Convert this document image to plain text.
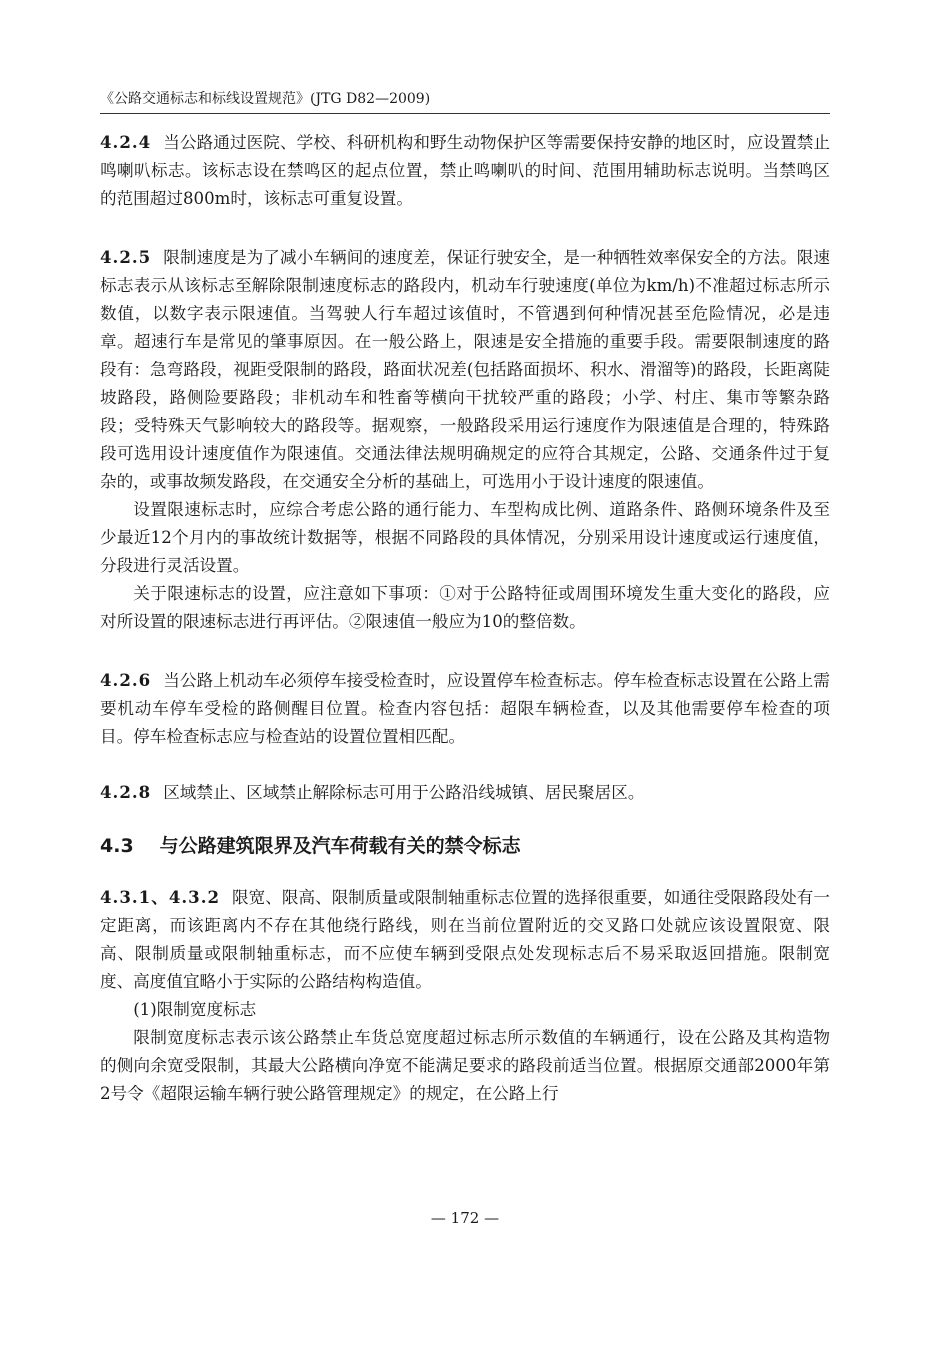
《公路交通标志和标线设置规范》(JTG D82—2009)

4.2.4 当公路通过医院、学校、科研机构和野生动物保护区等需要保持安静的地区时，应设置禁止鸣喇叭标志。该标志设在禁鸣区的起点位置，禁止鸣喇叭的时间、范围用辅助标志说明。当禁鸣区的范围超过800m时，该标志可重复设置。

4.2.5 限制速度是为了减小车辆间的速度差，保证行驶安全，是一种牺牲效率保安全的方法。限速标志表示从该标志至解除限制速度标志的路段内，机动车行驶速度(单位为km/h)不准超过标志所示数值，以数字表示限速值。当驾驶人行车超过该值时，不管遇到何种情况甚至危险情况，必是违章。超速行车是常见的肇事原因。在一般公路上，限速是安全措施的重要手段。需要限制速度的路段有：急弯路段，视距受限制的路段，路面状况差(包括路面损坏、积水、滑溜等)的路段，长距离陡坡路段，路侧险要路段；非机动车和牲畜等横向干扰较严重的路段；小学、村庄、集市等繁杂路段；受特殊天气影响较大的路段等。据观察，一般路段采用运行速度作为限速值是合理的，特殊路段可选用设计速度值作为限速值。交通法律法规明确规定的应符合其规定，公路、交通条件过于复杂的，或事故频发路段，在交通安全分析的基础上，可选用小于设计速度的限速值。

设置限速标志时，应综合考虑公路的通行能力、车型构成比例、道路条件、路侧环境条件及至少最近12个月内的事故统计数据等，根据不同路段的具体情况，分别采用设计速度或运行速度值，分段进行灵活设置。

关于限速标志的设置，应注意如下事项：①对于公路特征或周围环境发生重大变化的路段，应对所设置的限速标志进行再评估。②限速值一般应为10的整倍数。

4.2.6 当公路上机动车必须停车接受检查时，应设置停车检查标志。停车检查标志设置在公路上需要机动车停车受检的路侧醒目位置。检查内容包括：超限车辆检查，以及其他需要停车检查的项目。停车检查标志应与检查站的设置位置相匹配。

4.2.8 区域禁止、区域禁止解除标志可用于公路沿线城镇、居民聚居区。

4.3 与公路建筑限界及汽车荷载有关的禁令标志

4.3.1、4.3.2 限宽、限高、限制质量或限制轴重标志位置的选择很重要，如通往受限路段处有一定距离，而该距离内不存在其他绕行路线，则在当前位置附近的交叉路口处就应该设置限宽、限高、限制质量或限制轴重标志，而不应使车辆到受限点处发现标志后不易采取返回措施。限制宽度、高度值宜略小于实际的公路结构构造值。

(1)限制宽度标志

限制宽度标志表示该公路禁止车货总宽度超过标志所示数值的车辆通行，设在公路及其构造物的侧向余宽受限制，其最大公路横向净宽不能满足要求的路段前适当位置。根据原交通部2000年第2号令《超限运输车辆行驶公路管理规定》的规定，在公路上行

— 172 —
